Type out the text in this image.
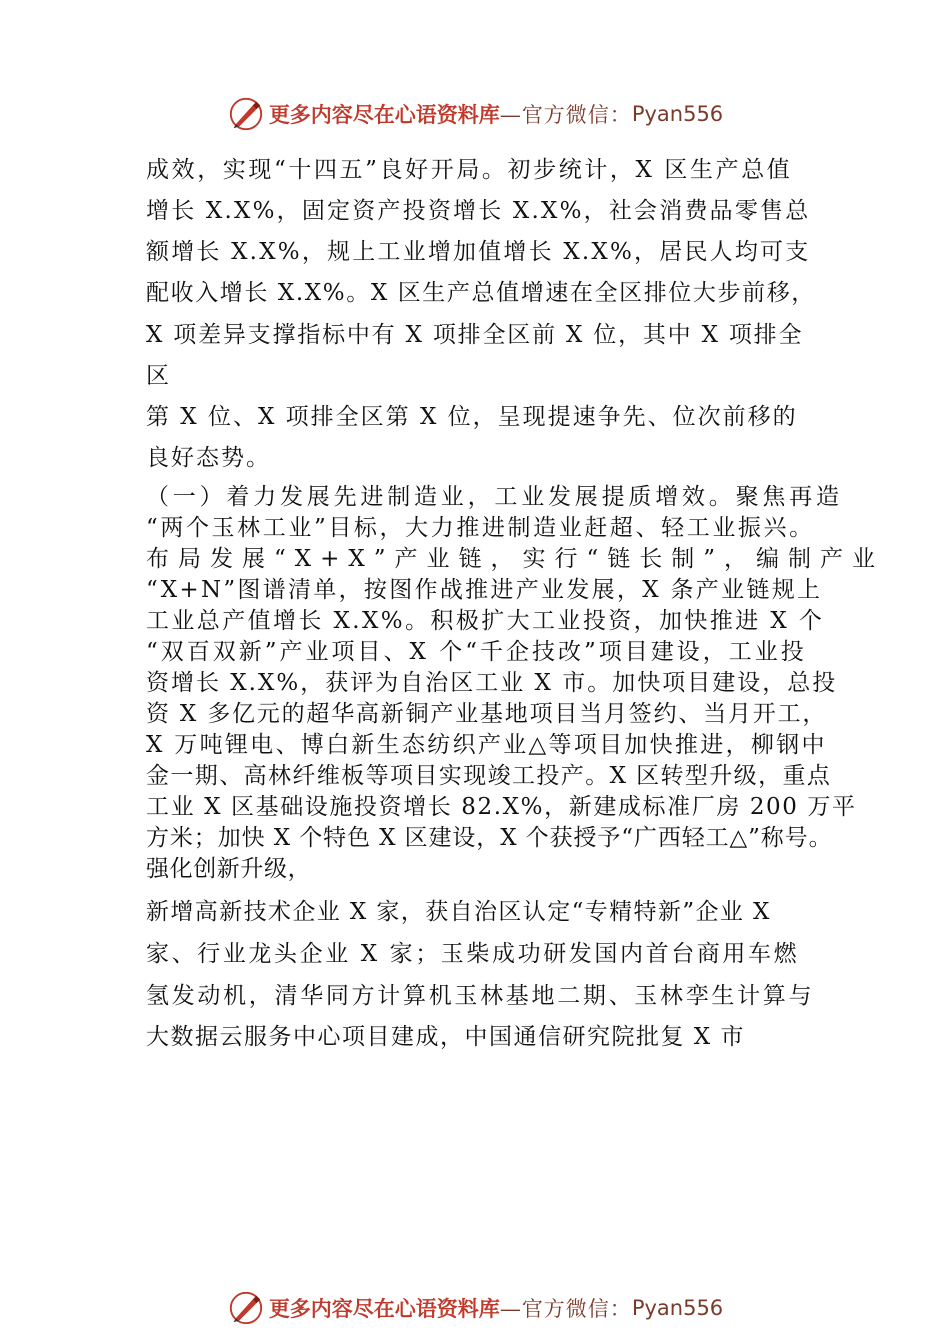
更多内容尽在心语资料库 —官方微信： Pyan556

成效，实现“十四五”良好开局。初步统计，X 区生产总值

增长 X.X%，固定资产投资增长 X.X%，社会消费品零售总

额增长 X.X%，规上工业增加值增长 X.X%，居民人均可支

配收入增长 X.X%。X 区生产总值增速在全区排位大步前移，

X 项差异支撑指标中有 X 项排全区前 X 位，其中 X 项排全

区

第 X 位、X 项排全区第 X 位，呈现提速争先、位次前移的

良好态势。

（一）着力发展先进制造业，工业发展提质增效。聚焦再造

“两个玉林工业”目标，大力推进制造业赶超、轻工业振兴。

布局发展“X+X”产业链，实行“链长制”，编制产业

“X+N”图谱清单，按图作战推进产业发展，X 条产业链规上

工业总产值增长 X.X%。积极扩大工业投资，加快推进 X 个

“双百双新”产业项目、X 个“千企技改”项目建设，工业投

资增长 X.X%，获评为自治区工业 X 市。加快项目建设，总投

资 X 多亿元的超华高新铜产业基地项目当月签约、当月开工，

X 万吨锂电、博白新生态纺织产业△等项目加快推进，柳钢中

金一期、高林纤维板等项目实现竣工投产。X 区转型升级，重点

工业 X 区基础设施投资增长 82.X%，新建成标准厂房 200 万平

方米；加快 X 个特色 X 区建设，X 个获授予“广西轻工△”称号。

强化创新升级，

新增高新技术企业 X 家，获自治区认定“专精特新”企业 X

家、行业龙头企业 X 家；玉柴成功研发国内首台商用车燃

氢发动机，清华同方计算机玉林基地二期、玉林孪生计算与

大数据云服务中心项目建成，中国通信研究院批复 X 市

更多内容尽在心语资料库 —官方微信： Pyan556
